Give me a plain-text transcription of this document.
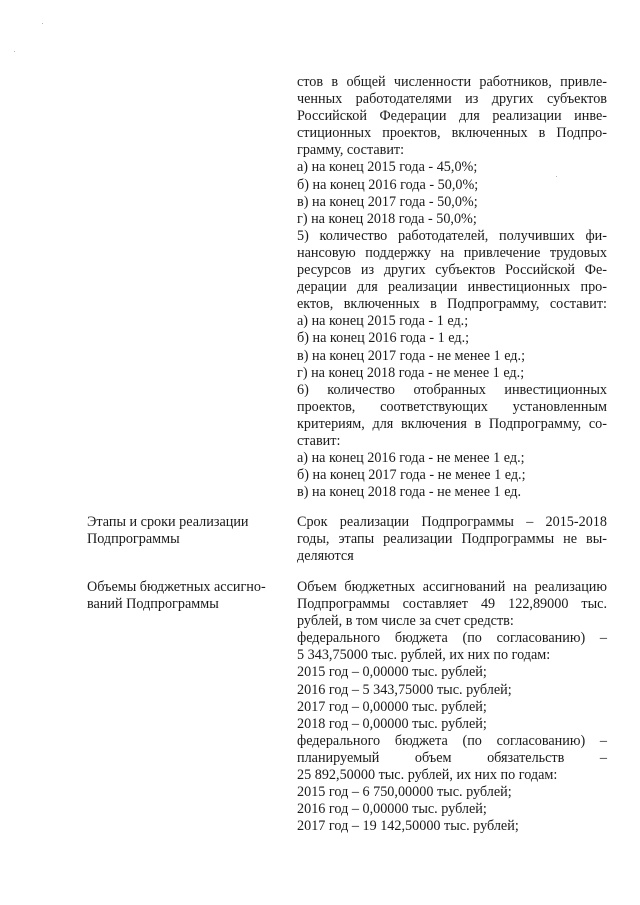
стов в общей численности работников, привле-
ченных работодателями из других субъектов
Российской Федерации для реализации инве-
стиционных проектов, включенных в Подпро-
грамму, составит:
а) на конец 2015 года - 45,0%;
б) на конец 2016 года - 50,0%;
в) на конец 2017 года - 50,0%;
г) на конец 2018 года - 50,0%;
5) количество работодателей, получивших фи-
нансовую поддержку на привлечение трудовых
ресурсов из других субъектов Российской Фе-
дерации для реализации инвестиционных про-
ектов, включенных в Подпрограмму, составит:
а) на конец 2015 года - 1 ед.;
б) на конец 2016 года - 1 ед.;
в) на конец 2017 года - не менее 1 ед.;
г) на конец 2018 года - не менее 1 ед.;
6) количество отобранных инвестиционных
проектов, соответствующих установленным
критериям, для включения в Подпрограмму, со-
ставит:
а) на конец 2016 года - не менее 1 ед.;
б) на конец 2017 года - не менее 1 ед.;
в) на конец 2018 года - не менее 1 ед.
Этапы и сроки реализации
Подпрограммы
Срок реализации Подпрограммы – 2015-2018
годы, этапы реализации Подпрограммы не вы-
деляются
Объемы бюджетных ассигно-
ваний Подпрограммы
Объем бюджетных ассигнований на реализацию
Подпрограммы составляет 49 122,89000 тыс.
рублей, в том числе за счет средств:
федерального бюджета (по согласованию) –
5 343,75000 тыс. рублей, их них по годам:
2015 год – 0,00000 тыс. рублей;
2016 год – 5 343,75000 тыс. рублей;
2017 год – 0,00000 тыс. рублей;
2018 год – 0,00000 тыс. рублей;
федерального бюджета (по согласованию) –
планируемый объем обязательств –
25 892,50000 тыс. рублей, их них по годам:
2015 год – 6 750,00000 тыс. рублей;
2016 год – 0,00000 тыс. рублей;
2017 год – 19 142,50000 тыс. рублей;
